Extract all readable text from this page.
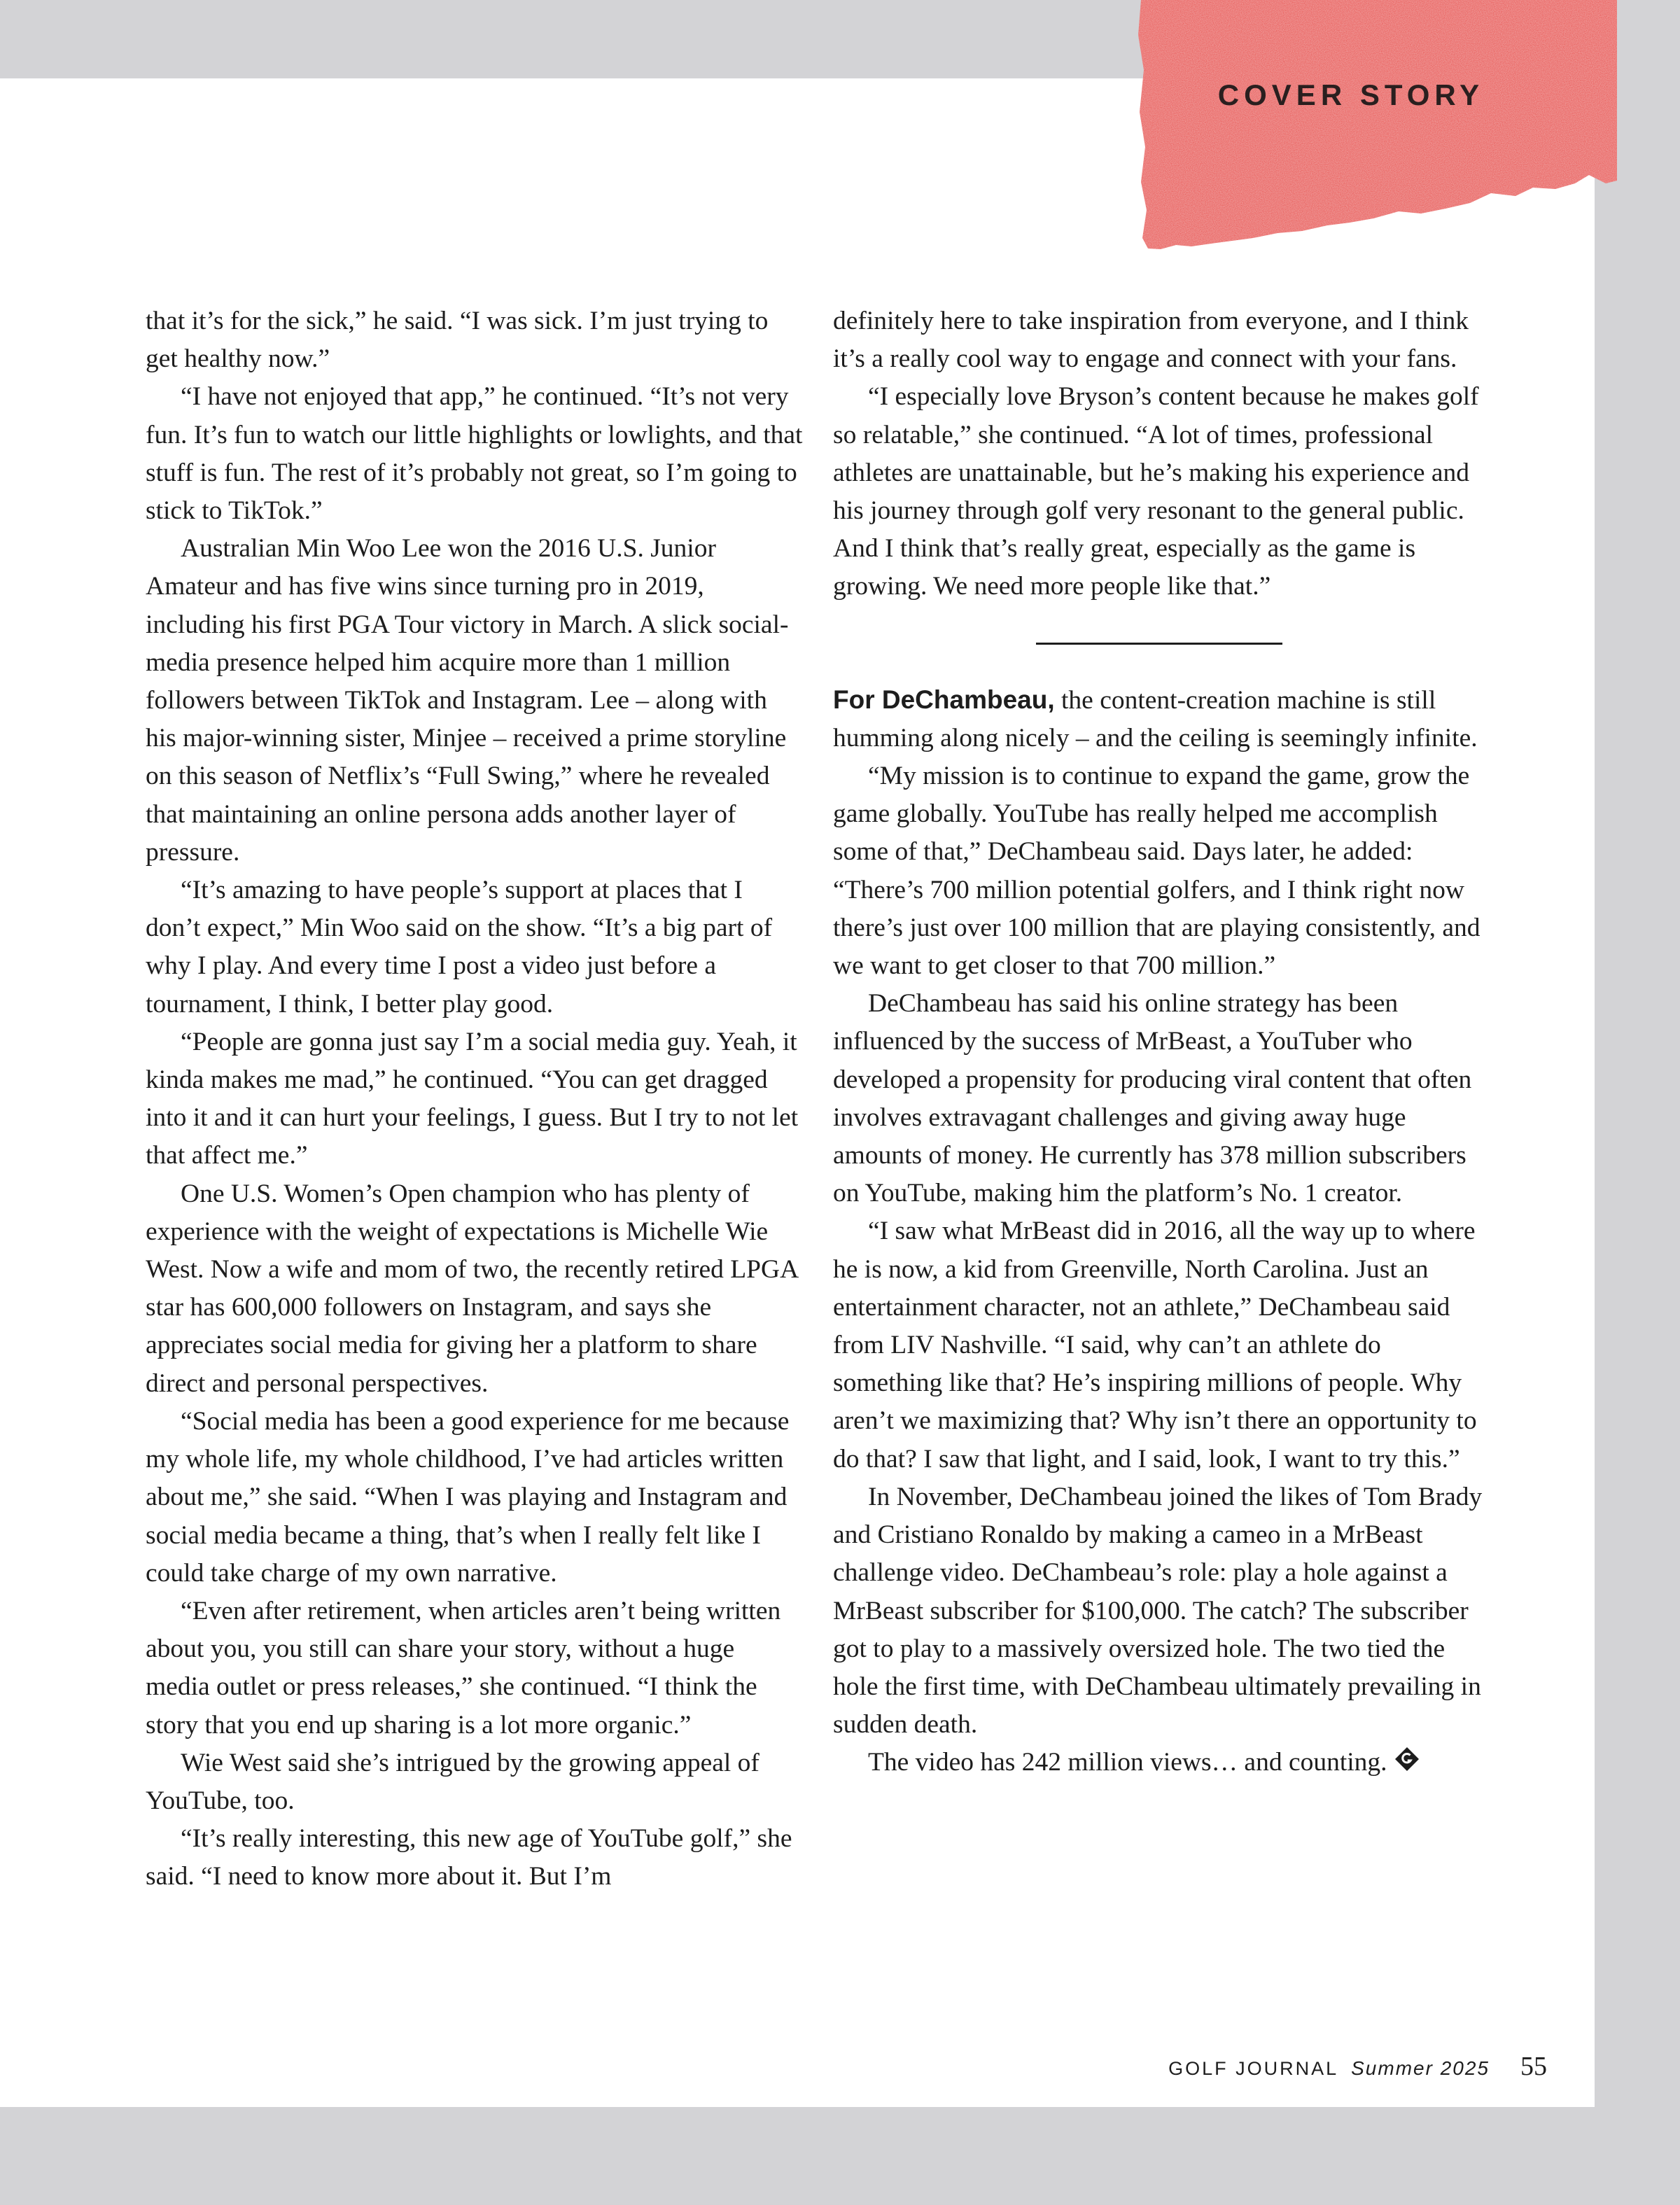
COVER STORY

that it’s for the sick,” he said. “I was sick. I’m just trying to get healthy now.”

“I have not enjoyed that app,” he continued. “It’s not very fun. It’s fun to watch our little highlights or lowlights, and that stuff is fun. The rest of it’s probably not great, so I’m going to stick to TikTok.”

Australian Min Woo Lee won the 2016 U.S. Junior Amateur and has five wins since turning pro in 2019, including his first PGA Tour victory in March. A slick social-media presence helped him acquire more than 1 million followers between TikTok and Instagram. Lee – along with his major-winning sister, Minjee – received a prime storyline on this season of Netflix’s “Full Swing,” where he revealed that maintaining an online persona adds another layer of pressure.

“It’s amazing to have people’s support at places that I don’t expect,” Min Woo said on the show. “It’s a big part of why I play. And every time I post a video just before a tournament, I think, I better play good.

“People are gonna just say I’m a social media guy. Yeah, it kinda makes me mad,” he continued. “You can get dragged into it and it can hurt your feelings, I guess. But I try to not let that affect me.”

One U.S. Women’s Open champion who has plenty of experience with the weight of expectations is Michelle Wie West. Now a wife and mom of two, the recently retired LPGA star has 600,000 followers on Instagram, and says she appreciates social media for giving her a platform to share direct and personal perspectives.

“Social media has been a good experience for me because my whole life, my whole childhood, I’ve had articles written about me,” she said. “When I was playing and Instagram and social media became a thing, that’s when I really felt like I could take charge of my own narrative.

“Even after retirement, when articles aren’t being written about you, you still can share your story, without a huge media outlet or press releases,” she continued. “I think the story that you end up sharing is a lot more organic.”

Wie West said she’s intrigued by the growing appeal of YouTube, too.

“It’s really interesting, this new age of YouTube golf,” she said. “I need to know more about it. But I’m

definitely here to take inspiration from everyone, and I think it’s a really cool way to engage and connect with your fans.

“I especially love Bryson’s content because he makes golf so relatable,” she continued. “A lot of times, professional athletes are unattainable, but he’s making his experience and his journey through golf very resonant to the general public. And I think that’s really great, especially as the game is growing. We need more people like that.”

For DeChambeau, the content-creation machine is still humming along nicely – and the ceiling is seemingly infinite.

“My mission is to continue to expand the game, grow the game globally. YouTube has really helped me accomplish some of that,” DeChambeau said. Days later, he added: “There’s 700 million potential golfers, and I think right now there’s just over 100 million that are playing consistently, and we want to get closer to that 700 million.”

DeChambeau has said his online strategy has been influenced by the success of MrBeast, a YouTuber who developed a propensity for producing viral content that often involves extravagant challenges and giving away huge amounts of money. He currently has 378 million subscribers on YouTube, making him the platform’s No. 1 creator.

“I saw what MrBeast did in 2016, all the way up to where he is now, a kid from Greenville, North Carolina. Just an entertainment character, not an athlete,” DeChambeau said from LIV Nashville. “I said, why can’t an athlete do something like that? He’s inspiring millions of people. Why aren’t we maximizing that? Why isn’t there an opportunity to do that? I saw that light, and I said, look, I want to try this.”

In November, DeChambeau joined the likes of Tom Brady and Cristiano Ronaldo by making a cameo in a MrBeast challenge video. DeChambeau’s role: play a hole against a MrBeast subscriber for $100,000. The catch? The subscriber got to play to a massively oversized hole. The two tied the hole the first time, with DeChambeau ultimately prevailing in sudden death.

The video has 242 million views… and counting.

GOLF JOURNAL Summer 2025 55
